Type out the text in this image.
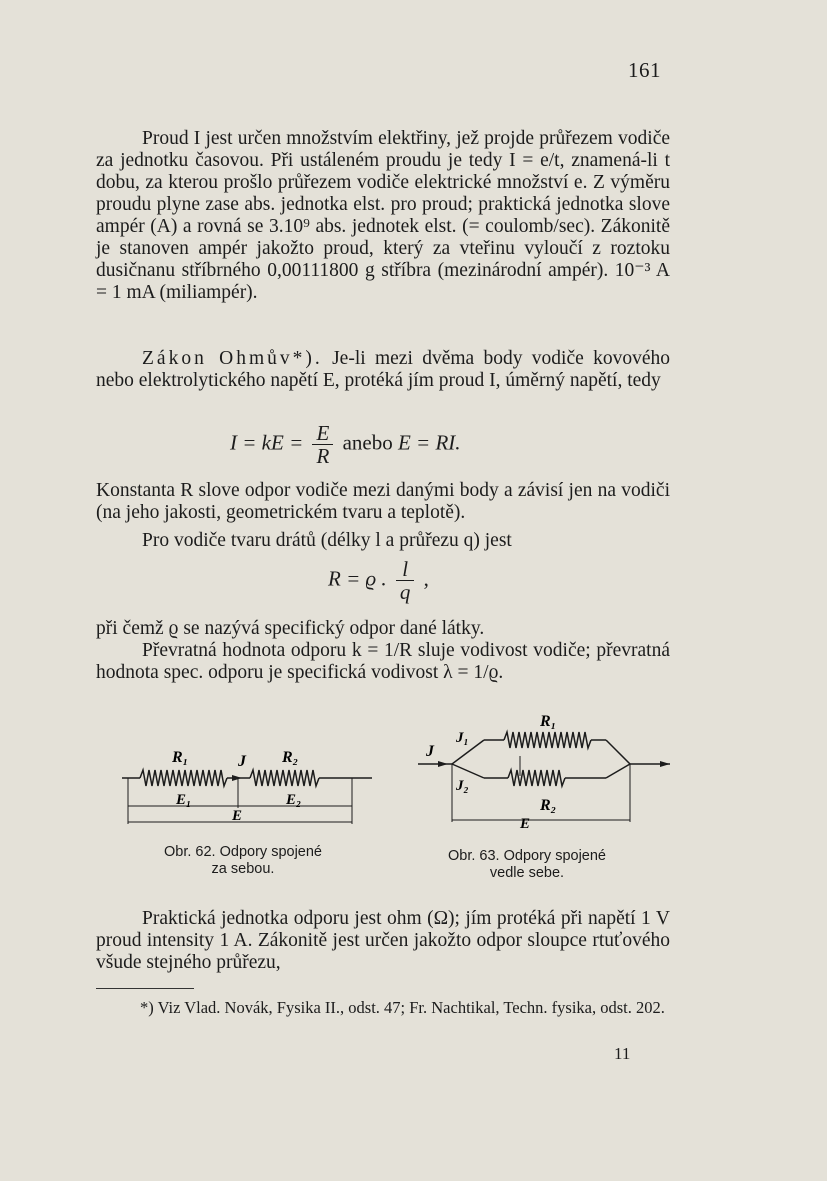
161

Proud I jest určen množstvím elektřiny, jež projde průřezem vodiče za jednotku časovou. Při ustáleném proudu je tedy I = e/t, znamená-li t dobu, za kterou prošlo průřezem vodiče elektrické množství e. Z výměru proudu plyne zase abs. jednotka elst. pro proud; praktická jednotka slove ampér (A) a rovná se 3.10⁹ abs. jednotek elst. (= coulomb/sec). Zákonitě je stanoven ampér jakožto proud, který za vteřinu vyloučí z roztoku dusičnanu stříbrného 0,00111800 g stříbra (mezinárodní ampér). 10⁻³ A = 1 mA (miliampér).

Zákon Ohmův*). Je-li mezi dvěma body vodiče kovového nebo elektrolytického napětí E, protéká jím proud I, úměrný napětí, tedy

I = kE = $\frac{E}{R}$ anebo E = RI.

Konstanta R slove odpor vodiče mezi danými body a závisí jen na vodiči (na jeho jakosti, geometrickém tvaru a teplotě).

Pro vodiče tvaru drátů (délky l a průřezu q) jest

R = ϱ . $\frac{l}{q}$ ,

při čemž ϱ se nazývá specifický odpor dané látky.

Převratná hodnota odporu k = 1/R sluje vodivost vodiče; převratná hodnota spec. odporu je specifická vodivost λ = 1/ϱ.

R₁	J R₂
E₁	E₂
E
Obr. 62. Odpory spojené
za sebou.
J
J₁
J₂
R₁
R₂
E
Obr. 63. Odpory spojené
vedle sebe.

Praktická jednotka odporu jest ohm (Ω); jím protéká při napětí 1 V proud intensity 1 A. Zákonitě jest určen jakožto odpor sloupce rtuťového všude stejného průřezu,

*) Viz Vlad. Novák, Fysika II., odst. 47; Fr. Nachtikal, Techn. fysika, odst. 202.

11
